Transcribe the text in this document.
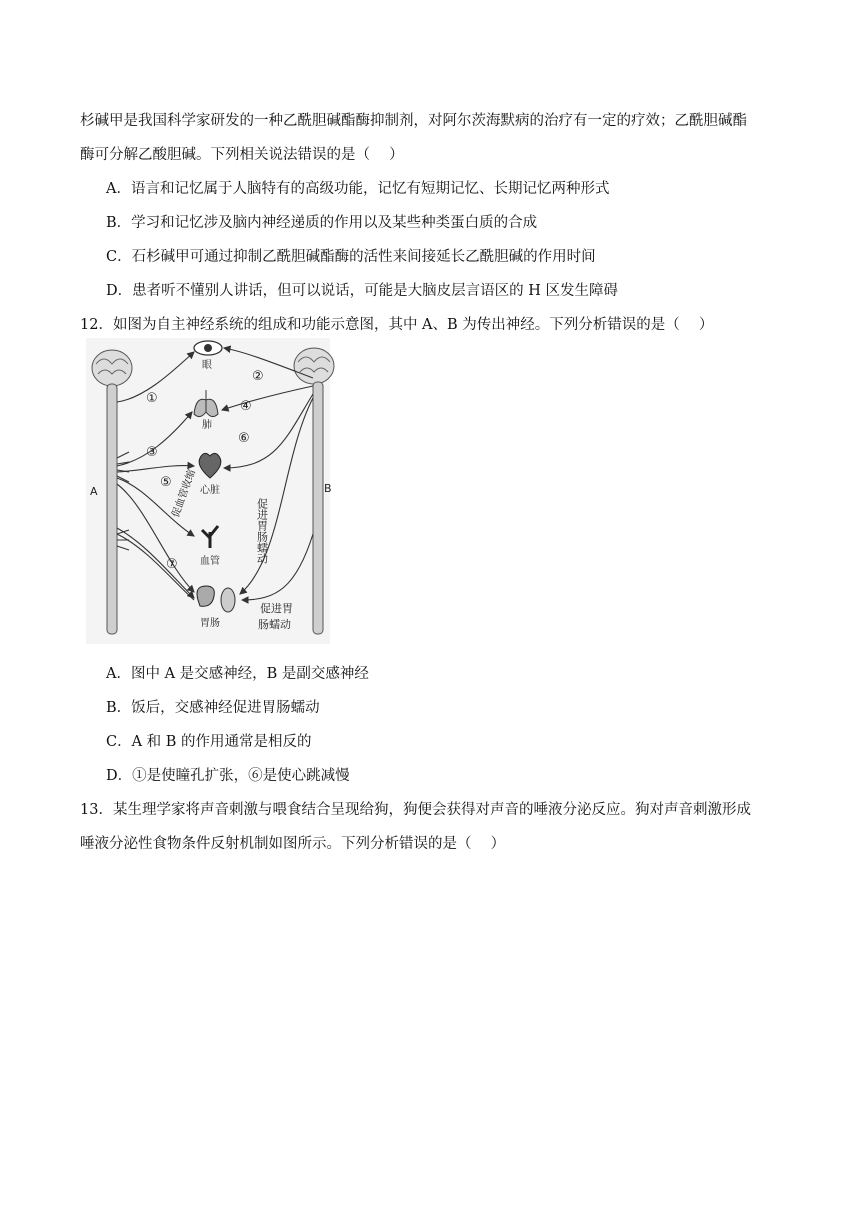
杉碱甲是我国科学家研发的一种乙酰胆碱酯酶抑制剂，对阿尔茨海默病的治疗有一定的疗效；乙酰胆碱酯
酶可分解乙酸胆碱。下列相关说法错误的是（　 ）
A．语言和记忆属于人脑特有的高级功能，记忆有短期记忆、长期记忆两种形式
B．学习和记忆涉及脑内神经递质的作用以及某些种类蛋白质的合成
C．石杉碱甲可通过抑制乙酰胆碱酯酶的活性来间接延长乙酰胆碱的作用时间
D．患者听不懂别人讲话，但可以说话，可能是大脑皮层言语区的 H 区发生障碍
12．如图为自主神经系统的组成和功能示意图，其中 A、B 为传出神经。下列分析错误的是（　 ）
A	B
眼
肺
心脏
血管
胃肠
①
②
③
④
⑤
⑥
⑦
促血管收缩
促进胃肠蠕动
促进胃
肠蠕动
A．图中 A 是交感神经，B 是副交感神经
B．饭后，交感神经促进胃肠蠕动
C．A 和 B 的作用通常是相反的
D．①是使瞳孔扩张，⑥是使心跳减慢
13．某生理学家将声音刺激与喂食结合呈现给狗，狗便会获得对声音的唾液分泌反应。狗对声音刺激形成
唾液分泌性食物条件反射机制如图所示。下列分析错误的是（　 ）
